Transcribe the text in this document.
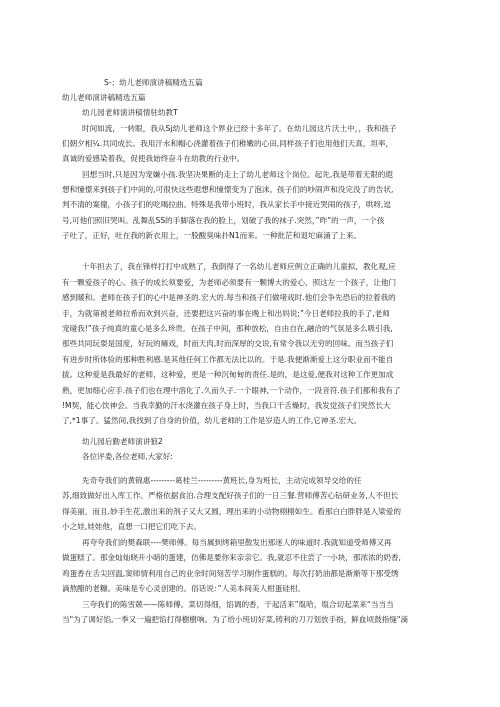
S-；幼儿老师演讲稿精选五篇
幼儿老师演讲稿精选五篇
幼儿园老师演讲稿情驻幼教T
时间如流，一转眼，我从Sj幼儿老师这个界业已经十多年了。在幼儿园这片沃土中，，我和孩子
们朝夕相¼.共同成长。我用汗水和帽心浇灌着孩子们稚嫩的心田,同样孩子们也用他们天真，坦率，
真诚的爱感染着我，促使我始终奋斗在幼教的行业中。
回想当时,只是因为宠嫌小孩.我坚决果断的走上了幼儿老师这个岗位。起先,我是带着无限的遐
想和憧憬来到孩子们中间的,可很快这些遐想和憧憬变为了泡沫。孩子们的吵闹声和没完没了的告状,
判不清的案僮，小孩子们的吃喝拉曲。特殊是我带小班时，我从家长手中接近哭闹的孩子，哄呀,逗
号,可他们照旧哭叫。乱舞乱SS的手脚落在我的脸上，划破了我的袜子.突然，”昨”的一声，一个孩
子吐了，正好，吐在我的新衣用上，一股酸臭味扑N1而来。一种批茫和退坨麻涌了上来。
十年担去了，我在锋样打打中成熟了，我倒得了一名幼儿老师应例立正确的儿童拟，教化观,应
有一颗爱孩子的心。孩子的成长须要爱，为老师必须要有一颗博大的爱心，照这左一个孩子，让他门
感到暖和。老师在孩子们的心中是神圣的.宏大的.每当和孩子们做堵戏时.他们会争先恐后的拉着我的
手，为就第被老师拉希而欢到兴奋，还要把这兴奋的事在晚上和出妈说;”今日老师拉我的手了,老师
宠碰我!”孩子纯真的童心是多么珍贵。在孩子中间，那种放松，自由自在,融洽的气氛是多么吸引我,
那些共同玩耍是国度，好玩的瘫戏，时而天肉,时而深厚的交说,有常令我以无穷的回味。而当孩子们
有进步时所体验的那种胜利感.是其他任何工作都无法比以的。于是.我便渐渐爱上这分职业而不能自
拔。这种爱是我最好的老师，这种爱，更是一种沉甸甸的责任.是的，是这爱,便我对这种工作更加成
熟，更加细心应手.孩子们也在理中溶化了.久而久子.一个眼神,一个动作，一段音符.孩子们都和我有了
!M契，能心饮神会。当我幸勤的汗水浇灌在孩子身上时，当我口干舌燥时，我发觉孩子们突然长大
了,*1事了。猛然间,我找到了自身的价值，幼儿老师的工作是岁造人的工作,它神圣.宏大。
幼儿园后勤老师演讲狼2
各位评委,各位老师,大家好:
先奇夸我们的黄锦惠---------葛桂兰---------黄班长,身为班长，主动完成领导交给的任
苏,细致做好出入库工作。严格依据食泊.合理支配好孩子们的一日三餐.营师傅苦心钻研业务,人不但长
得美丽，而且.妙手生花,激出来的剂子又大又圆，理出来的小动物栩栩如生。看那白白胖胖是入梁爱的
小之娃,娃娃他，直想一口把它们吃下去。
再夸夸我们的樊森联----樊师傅。每当属到烤箱里散发出那迷人的味道时.我就知道受师傅又再
做蛋糕了。那金灿灿晓开小暗的蛋建，仿佛是要你来亲亲它。我,就忍不住尝了一小块，那浓浓的奶香,
鸡蛋香在舌尖回温,窦师情利用自己的业余时间刻苦学习制作蛋糕的。每次打奶油都是渐渐等下那受绣
滴熬醋的老糠。美味是专心灵创建的。俗话说：”人美本间美人柑蛋硅柑。
三夸我们的陈雪兢——陈师傅。菜切得细，馅调的香，干起活来”胤哈，胤合切起菜来“当当当
当"为了调好馅,一季又一遍把馅打得樹樹响。为了给小班切好菜,铸利的刀刀划放手指，鲜血顷鼓指缝"滴
